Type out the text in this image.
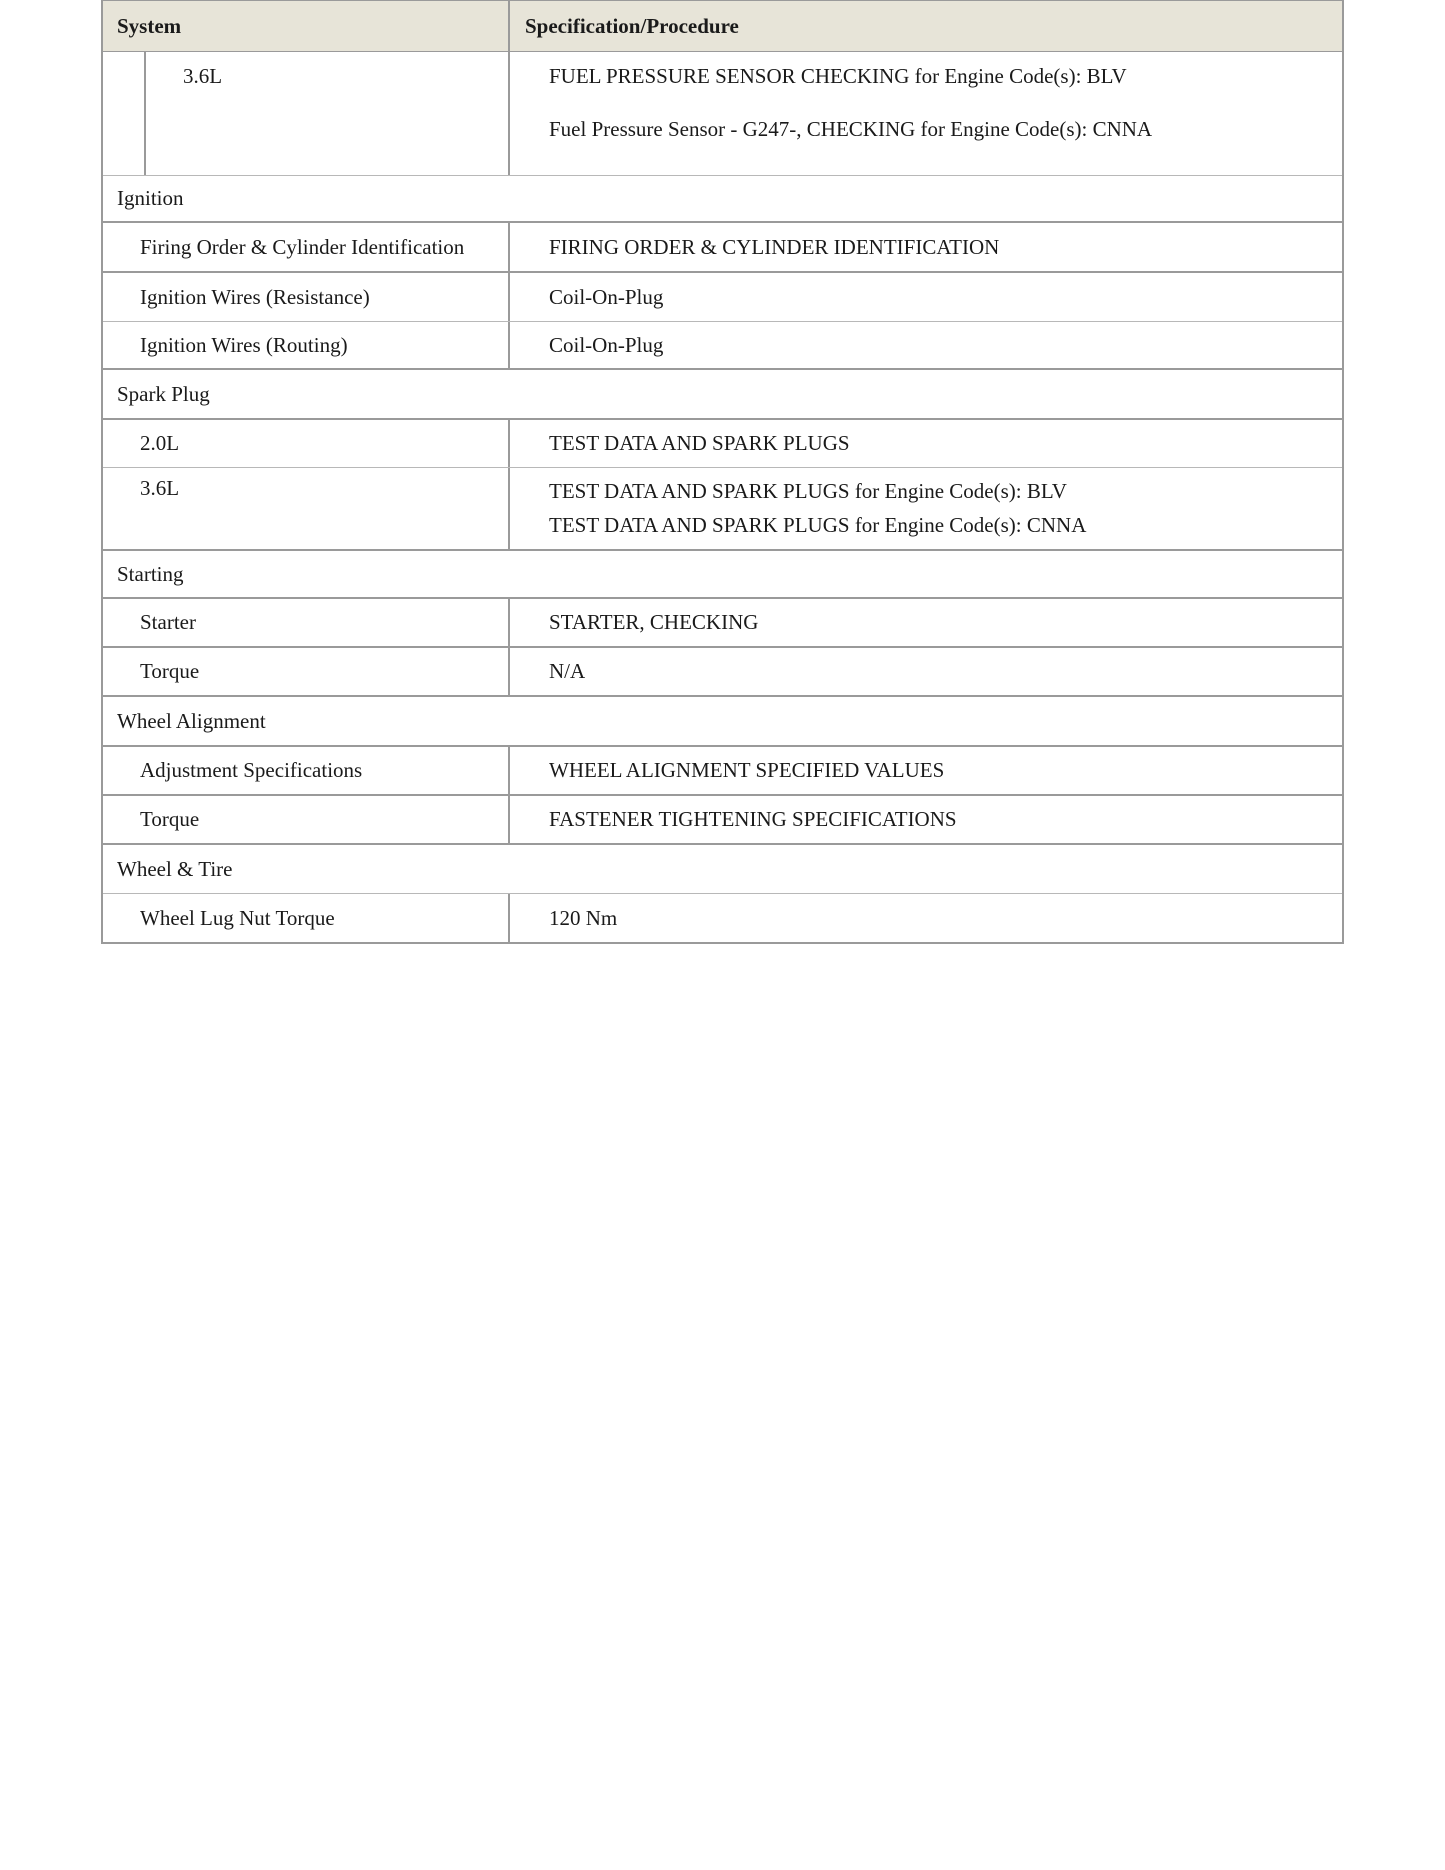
System	Specification/Procedure
3.6L	FUEL PRESSURE SENSOR CHECKING for Engine Code(s): BLV
Fuel Pressure Sensor - G247-, CHECKING for Engine Code(s): CNNA
Ignition
Firing Order & Cylinder Identification	FIRING ORDER & CYLINDER IDENTIFICATION
Ignition Wires (Resistance)	Coil-On-Plug
Ignition Wires (Routing)	Coil-On-Plug
Spark Plug
2.0L	TEST DATA AND SPARK PLUGS
3.6L	TEST DATA AND SPARK PLUGS for Engine Code(s): BLV
TEST DATA AND SPARK PLUGS for Engine Code(s): CNNA
Starting
Starter	STARTER, CHECKING
Torque	N/A
Wheel Alignment
Adjustment Specifications	WHEEL ALIGNMENT SPECIFIED VALUES
Torque	FASTENER TIGHTENING SPECIFICATIONS
Wheel & Tire
Wheel Lug Nut Torque	120 Nm
